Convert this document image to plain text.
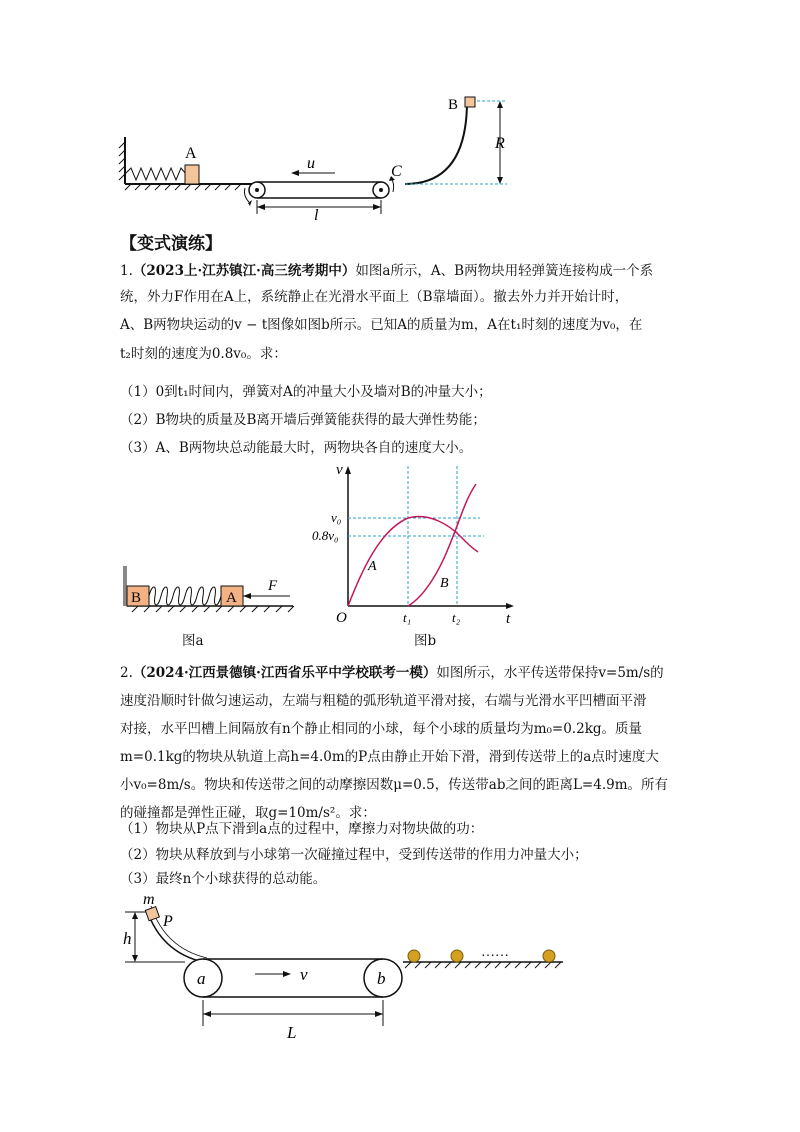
A
u
l
C
B
R
【变式演练】
1.（2023上·江苏镇江·高三统考期中）如图a所示，A、B两物块用轻弹簧连接构成一个系
统，外力F作用在A上，系统静止在光滑水平面上（B靠墙面）。撤去外力并开始计时，
A、B两物块运动的v − t图像如图b所示。已知A的质量为m，A在t₁时刻的速度为v₀，在
t₂时刻的速度为0.8v₀。求：
（1）0到t₁时间内，弹簧对A的冲量大小及墙对B的冲量大小；
（2）B物块的质量及B离开墙后弹簧能获得的最大弹性势能；
（3）A、B两物块总动能最大时，两物块各自的速度大小。
B	A
F
图a
v
O	t
v₀
0.8v₀
t₁	t₂
A
B
图b
2.（2024·江西景德镇·江西省乐平中学校联考一模）如图所示，水平传送带保持v=5m/s的
速度沿顺时针做匀速运动，左端与粗糙的弧形轨道平滑对接，右端与光滑水平凹槽面平滑
对接，水平凹槽上间隔放有n个静止相同的小球，每个小球的质量均为m₀=0.2kg。质量
m=0.1kg的物块从轨道上高h=4.0m的P点由静止开始下滑，滑到传送带上的a点时速度大
小v₀=8m/s。物块和传送带之间的动摩擦因数μ=0.5，传送带ab之间的距离L=4.9m。所有
的碰撞都是弹性正碰，取g=10m/s²。求：
（1）物块从P点下滑到a点的过程中，摩擦力对物块做的功：
（2）物块从释放到与小球第一次碰撞过程中，受到传送带的作用力冲量大小；
（3）最终n个小球获得的总动能。
h
m
P
a	b
v
……
L
